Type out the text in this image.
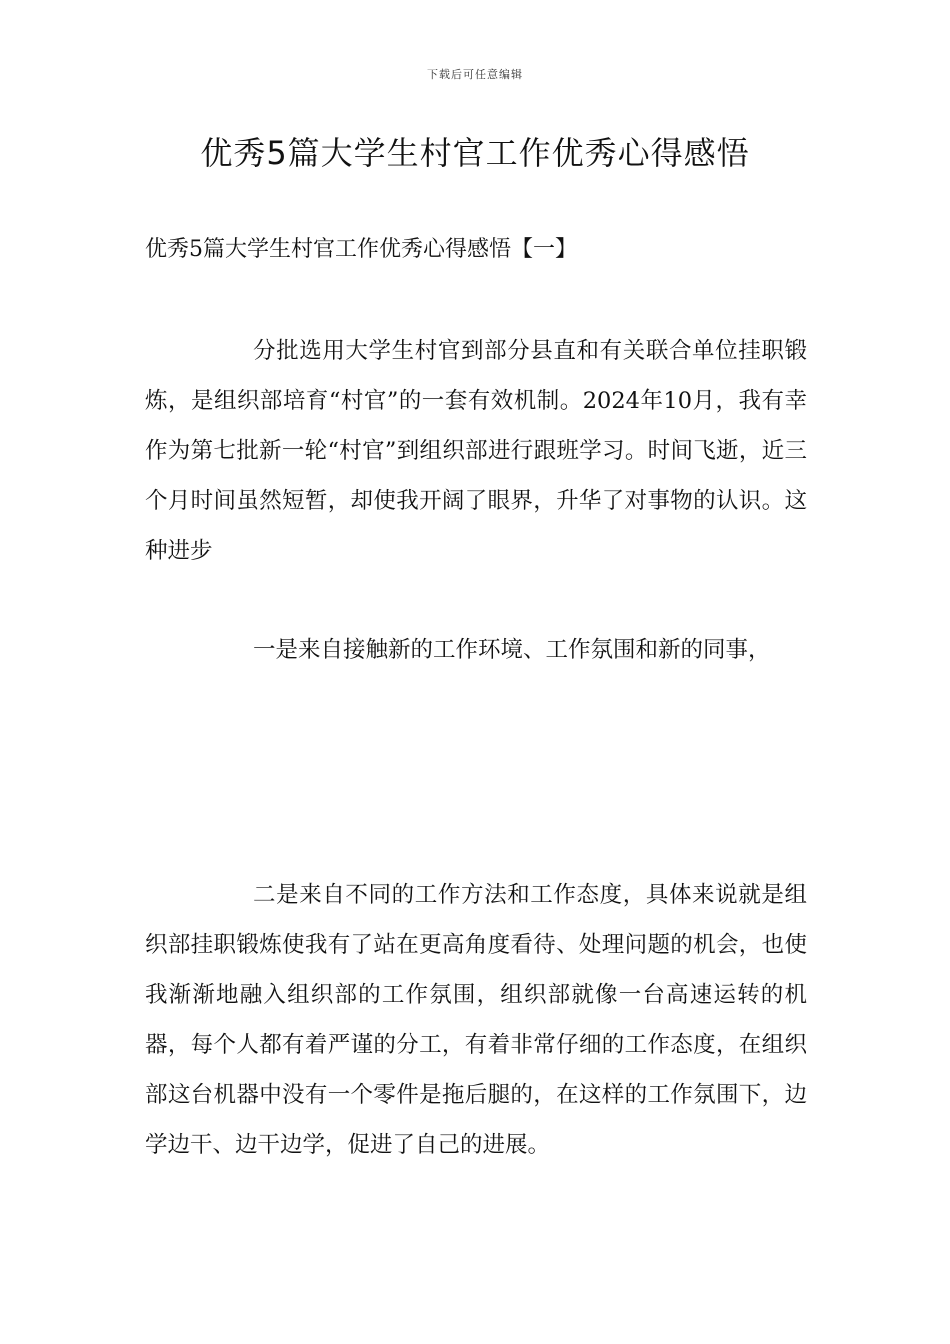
下载后可任意编辑
优秀5篇大学生村官工作优秀心得感悟
优秀5篇大学生村官工作优秀心得感悟【一】

分批选用大学生村官到部分县直和有关联合单位挂职锻炼，是组织部培育“村官”的一套有效机制。2024年10月，我有幸作为第七批新一轮“村官”到组织部进行跟班学习。时间飞逝，近三个月时间虽然短暂，却使我开阔了眼界，升华了对事物的认识。这种进步

一是来自接触新的工作环境、工作氛围和新的同事，

二是来自不同的工作方法和工作态度，具体来说就是组织部挂职锻炼使我有了站在更高角度看待、处理问题的机会，也使我渐渐地融入组织部的工作氛围，组织部就像一台高速运转的机器，每个人都有着严谨的分工，有着非常仔细的工作态度，在组织部这台机器中没有一个零件是拖后腿的，在这样的工作氛围下，边学边干、边干边学，促进了自己的进展。
